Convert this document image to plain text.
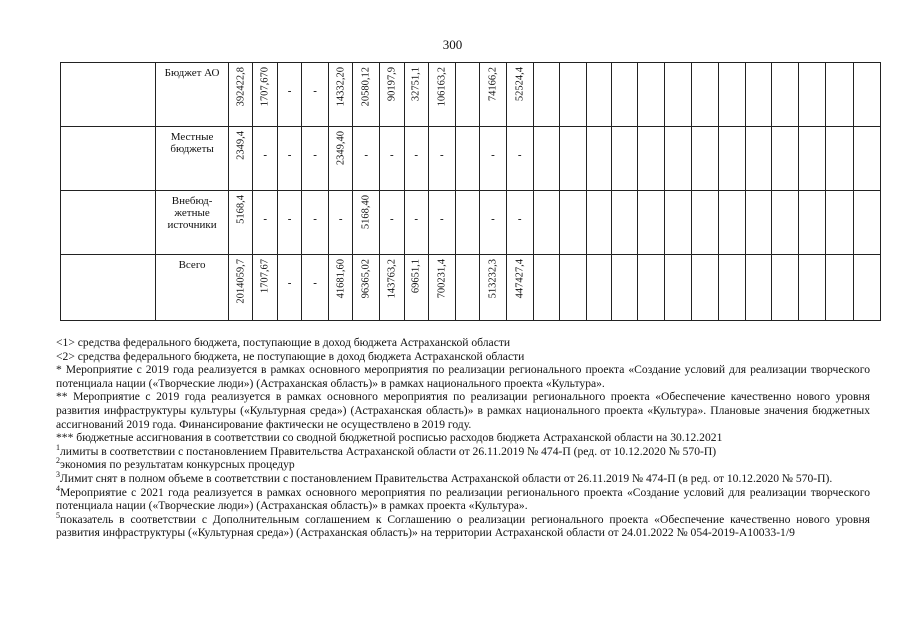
300
	Бюджет АО	392422,8	1707,670	-	-	14332,20	20580,12	90197,9	32751,1	106163,2		74166,2	52524,4													

	Местные бюджеты	2349,4	-	-	-	2349,40	-	-	-	-		-	-													

	Внебюд- жетные источники	5168,4	-	-	-	-	5168,40	-	-	-		-	-													

	Всего	2014059,7	1707,67	-	-	41681,60	96365,02	143763,2	69651,1	700231,4		513232,3	447427,4													

<1> средства федерального бюджета, поступающие в доход бюджета Астраханской области

<2> средства федерального бюджета, не поступающие в доход бюджета Астраханской области

* Мероприятие с 2019 года реализуется в рамках основного мероприятия по реализации регионального проекта «Создание условий для реализации творческого потенциала нации («Творческие люди») (Астраханская область)» в рамках национального проекта «Культура».

** Мероприятие с 2019 года реализуется в рамках основного мероприятия по реализации регионального проекта «Обеспечение качественно нового уровня развития инфраструктуры культуры («Культурная среда») (Астраханская область)» в рамках национального проекта «Культура». Плановые значения бюджетных ассигнований 2019 года. Финансирование фактически не осуществлено в 2019 году.

*** бюджетные ассигнования в соответствии со сводной бюджетной росписью расходов бюджета Астраханской области на 30.12.2021

$^1$лимиты в соответствии с постановлением Правительства Астраханской области от 26.11.2019 № 474-П (ред. от 10.12.2020 № 570-П)

$^2$экономия по результатам конкурсных процедур

$^3$Лимит снят в полном объеме в соответствии с постановлением Правительства Астраханской области от 26.11.2019 № 474-П (в ред. от 10.12.2020 № 570-П).

$^4$Мероприятие с 2021 года реализуется в рамках основного мероприятия по реализации регионального проекта «Создание условий для реализации творческого потенциала нации («Творческие люди») (Астраханская область)» в рамках проекта «Культура».

$^5$показатель в соответствии с Дополнительным соглашением к Соглашению о реализации регионального проекта «Обеспечение качественно нового уровня развития инфраструктуры («Культурная среда») (Астраханская область)» на территории Астраханской области от 24.01.2022 № 054-2019-А10033-1/9
